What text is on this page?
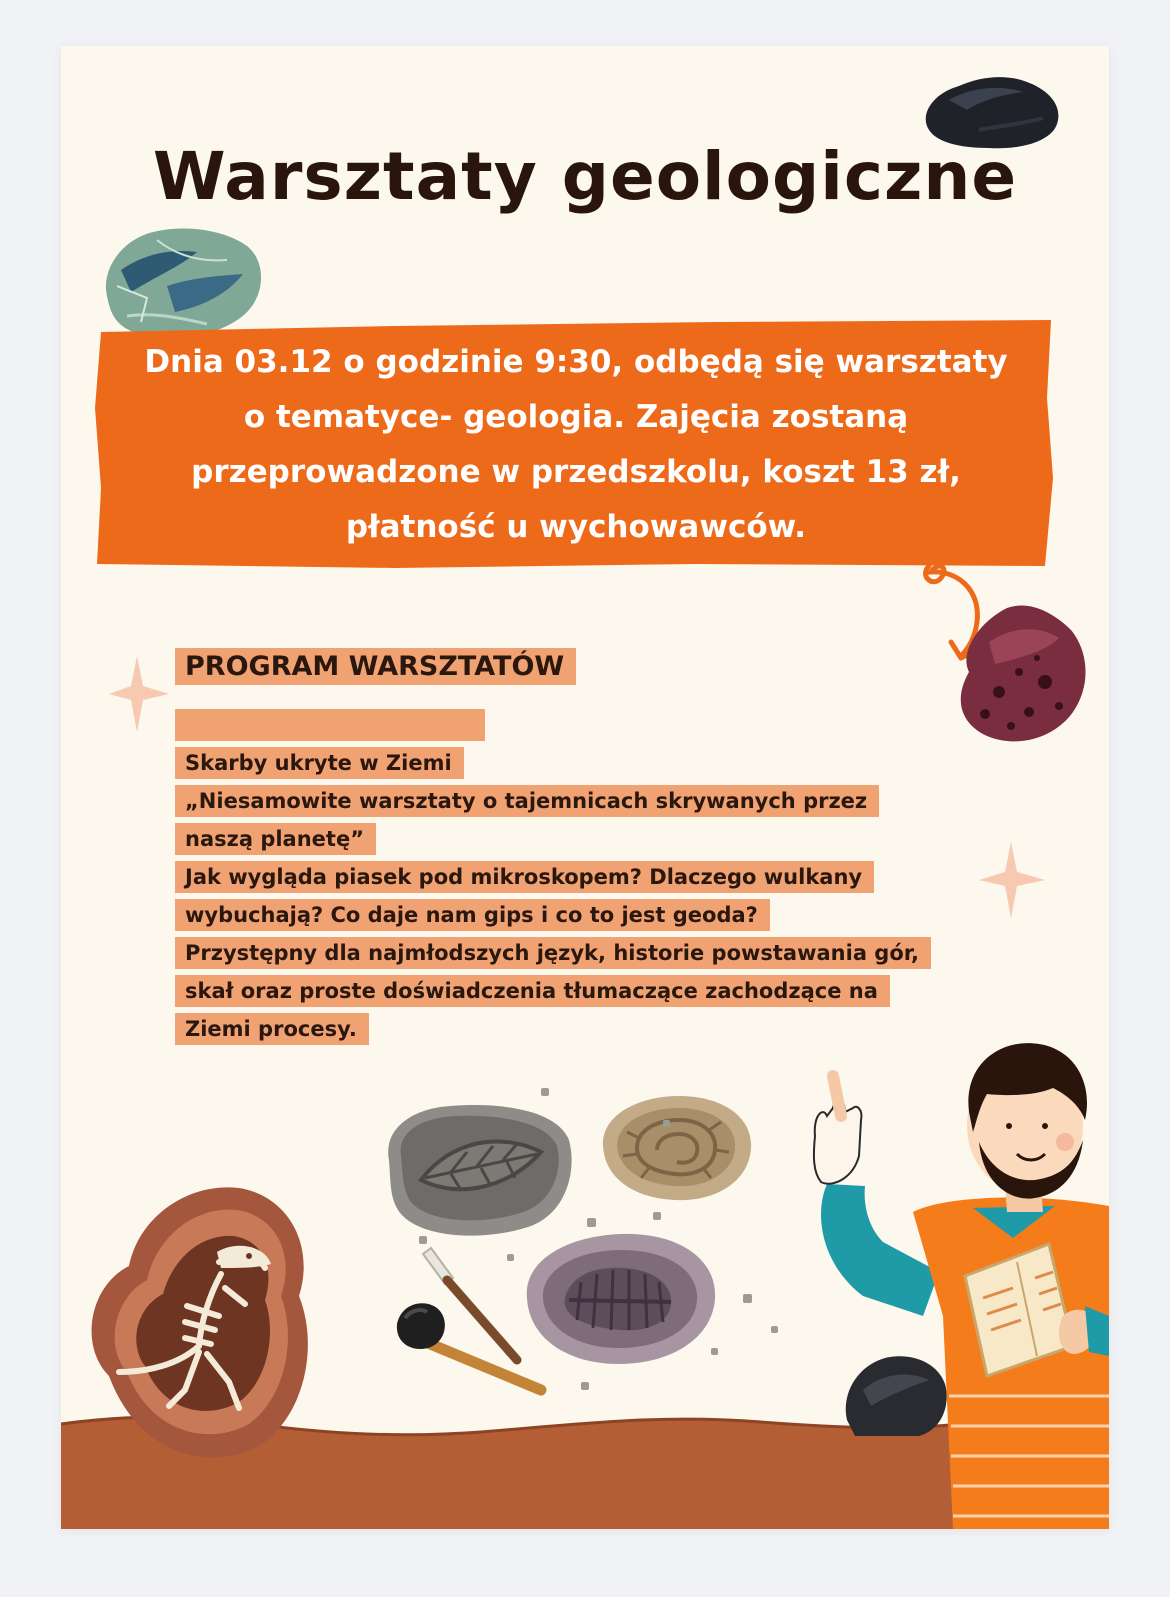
Warsztaty geologiczne
Dnia 03.12 o godzinie 9:30, odbędą się warsztaty
o tematyce- geologia. Zajęcia zostaną
przeprowadzone w przedszkolu, koszt 13 zł,
płatność u wychowawców.

PROGRAM WARSZTATÓW

Skarby ukryte w Ziemi
„Niesamowite warsztaty o tajemnicach skrywanych przez
naszą planetę”
Jak wygląda piasek pod mikroskopem? Dlaczego wulkany
wybuchają? Co daje nam gips i co to jest geoda?
Przystępny dla najmłodszych język, historie powstawania gór,
skał oraz proste doświadczenia tłumaczące zachodzące na
Ziemi procesy.
